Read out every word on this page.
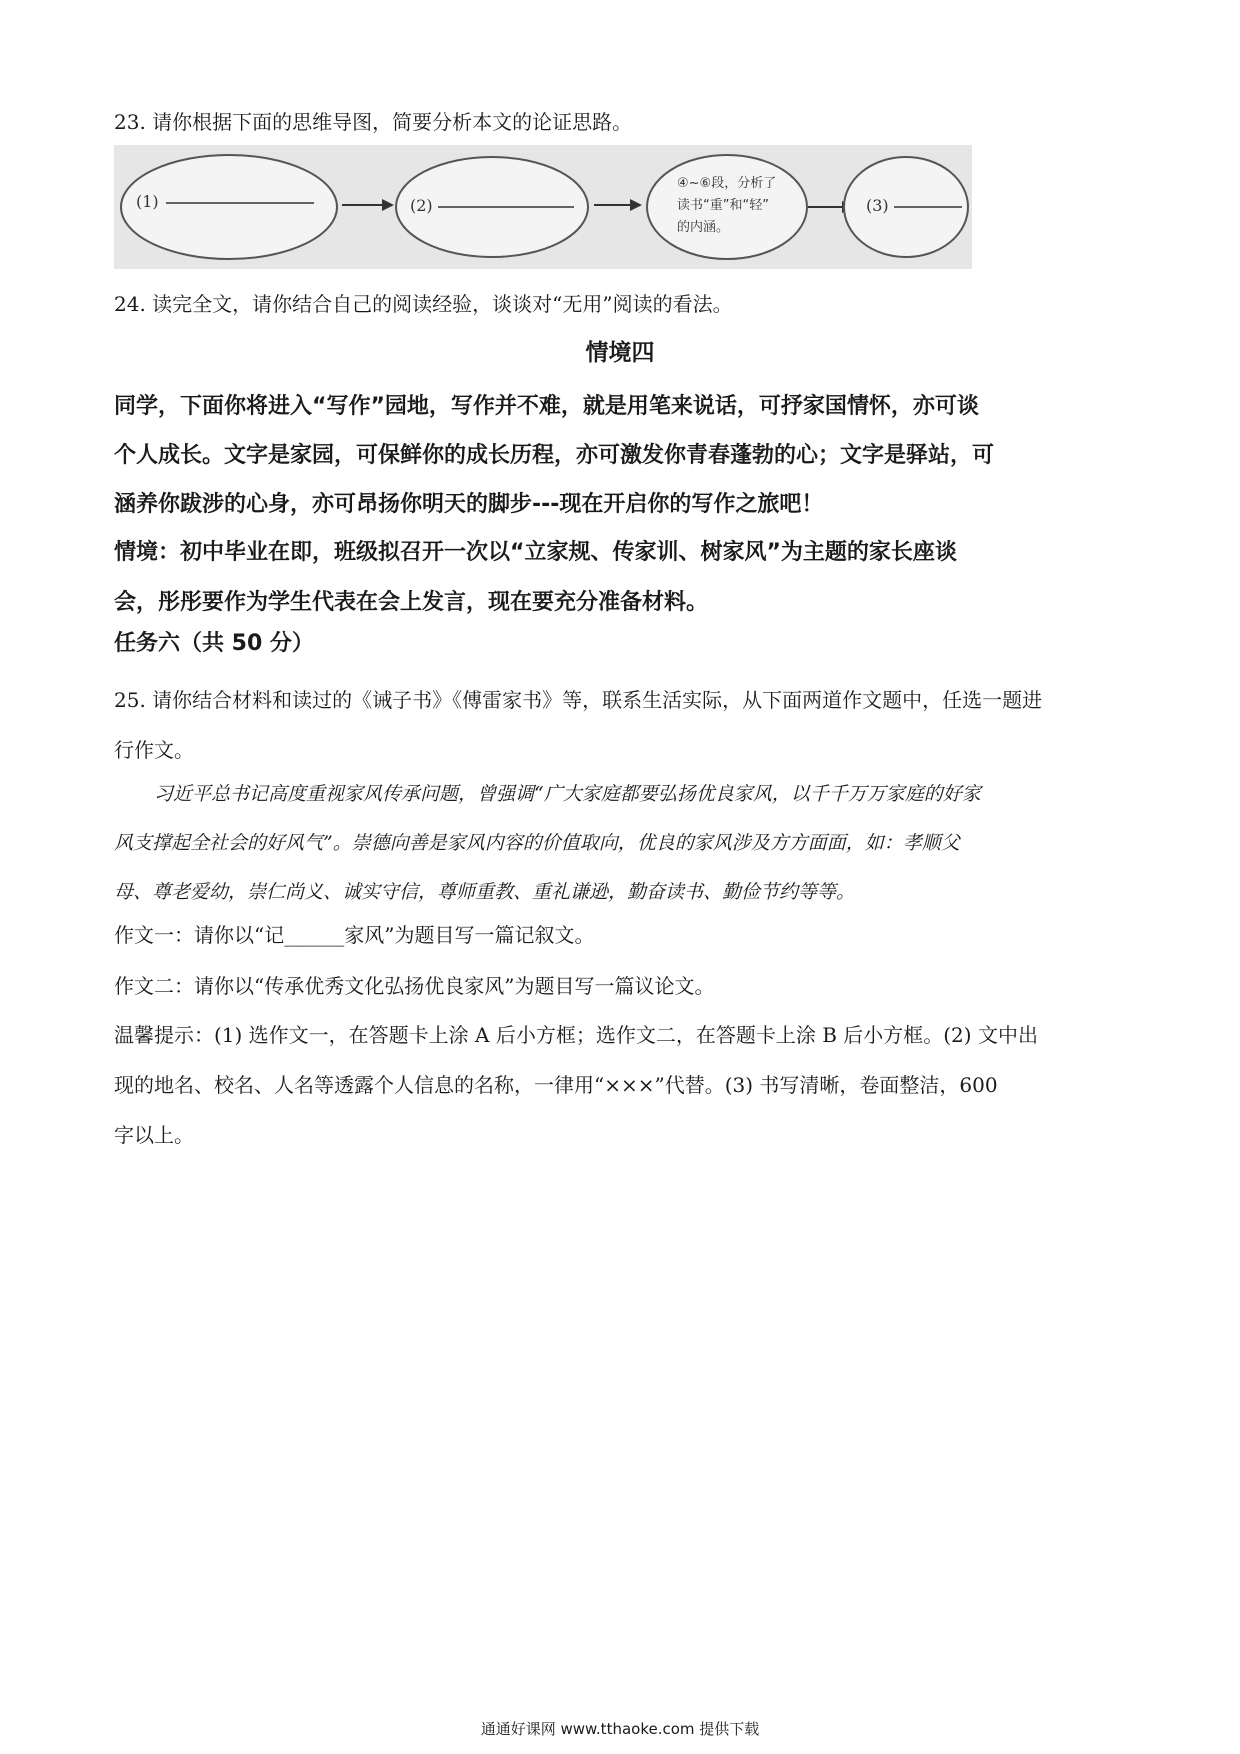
23. 请你根据下面的思维导图，简要分析本文的论证思路。

(1)	(2)
④~⑥段，分析了
读书“重”和“轻”
的内涵。
(3)

24. 读完全文，请你结合自己的阅读经验，谈谈对“无用”阅读的看法。

情境四
同学，下面你将进入“写作”园地，写作并不难，就是用笔来说话，可抒家国情怀，亦可谈
个人成长。文字是家园，可保鲜你的成长历程，亦可激发你青春蓬勃的心；文字是驿站，可
涵养你跋涉的心身，亦可昂扬你明天的脚步---现在开启你的写作之旅吧！
情境：初中毕业在即，班级拟召开一次以“立家规、传家训、树家风”为主题的家长座谈
会，彤彤要作为学生代表在会上发言，现在要充分准备材料。
任务六（共 50 分）
25. 请你结合材料和读过的《诫子书》《傅雷家书》等，联系生活实际，从下面两道作文题中，任选一题进
行作文。
习近平总书记高度重视家风传承问题，曾强调“广大家庭都要弘扬优良家风，以千千万万家庭的好家
风支撑起全社会的好风气”。崇德向善是家风内容的价值取向，优良的家风涉及方方面面，如：孝顺父
母、尊老爱幼，崇仁尚义、诚实守信，尊师重教、重礼谦逊，勤奋读书、勤俭节约等等。

作文一：请你以“记______家风”为题目写一篇记叙文。

作文二：请你以“传承优秀文化弘扬优良家风”为题目写一篇议论文。

温馨提示：(1) 选作文一，在答题卡上涂 A 后小方框；选作文二，在答题卡上涂 B 后小方框。(2) 文中出
现的地名、校名、人名等透露个人信息的名称，一律用“×××”代替。(3) 书写清晰，卷面整洁，600
字以上。
通通好课网 www.tthaoke.com 提供下载
